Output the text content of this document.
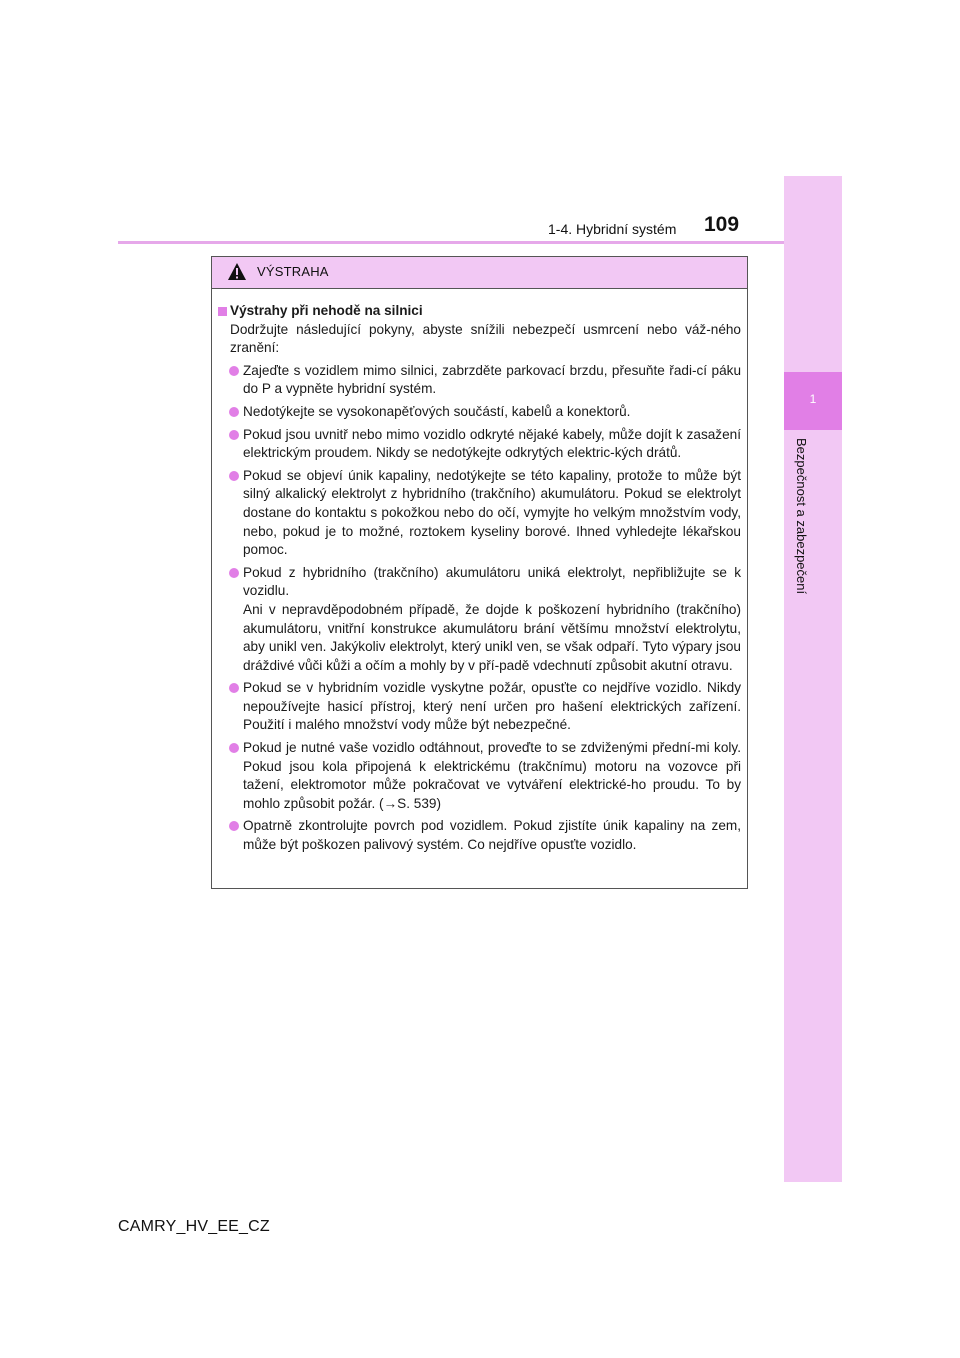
1
Bezpečnost a zabezpečení
1-4. Hybridní systém 109
VÝSTRAHA
Výstrahy při nehodě na silnici

Dodržujte následující pokyny, abyste snížili nebezpečí usmrcení nebo váž-ného zranění:

Zajeďte s vozidlem mimo silnici, zabrzděte parkovací brzdu, přesuňte řadi-cí páku do P a vypněte hybridní systém.
Nedotýkejte se vysokonapěťových součástí, kabelů a konektorů.
Pokud jsou uvnitř nebo mimo vozidlo odkryté nějaké kabely, může dojít k zasažení elektrickým proudem. Nikdy se nedotýkejte odkrytých elektric-kých drátů.
Pokud se objeví únik kapaliny, nedotýkejte se této kapaliny, protože to může být silný alkalický elektrolyt z hybridního (trakčního) akumulátoru. Pokud se elektrolyt dostane do kontaktu s pokožkou nebo do očí, vymyjte ho velkým množstvím vody, nebo, pokud je to možné, roztokem kyseliny borové. Ihned vyhledejte lékařskou pomoc.
Pokud z hybridního (trakčního) akumulátoru uniká elektrolyt, nepřibližujte se k vozidlu.
Ani v nepravděpodobném případě, že dojde k poškození hybridního (trakčního) akumulátoru, vnitřní konstrukce akumulátoru brání většímu množství elektrolytu, aby unikl ven. Jakýkoliv elektrolyt, který unikl ven, se však odpaří. Tyto výpary jsou dráždivé vůči kůži a očím a mohly by v pří-padě vdechnutí způsobit akutní otravu.
Pokud se v hybridním vozidle vyskytne požár, opusťte co nejdříve vozidlo. Nikdy nepoužívejte hasicí přístroj, který není určen pro hašení elektrických zařízení. Použití i malého množství vody může být nebezpečné.
Pokud je nutné vaše vozidlo odtáhnout, proveďte to se zdviženými přední-mi koly. Pokud jsou kola připojená k elektrickému (trakčnímu) motoru na vozovce při tažení, elektromotor může pokračovat ve vytváření elektrické-ho proudu. To by mohlo způsobit požár. (→S. 539)
Opatrně zkontrolujte povrch pod vozidlem. Pokud zjistíte únik kapaliny na zem, může být poškozen palivový systém. Co nejdříve opusťte vozidlo.
CAMRY_HV_EE_CZ
